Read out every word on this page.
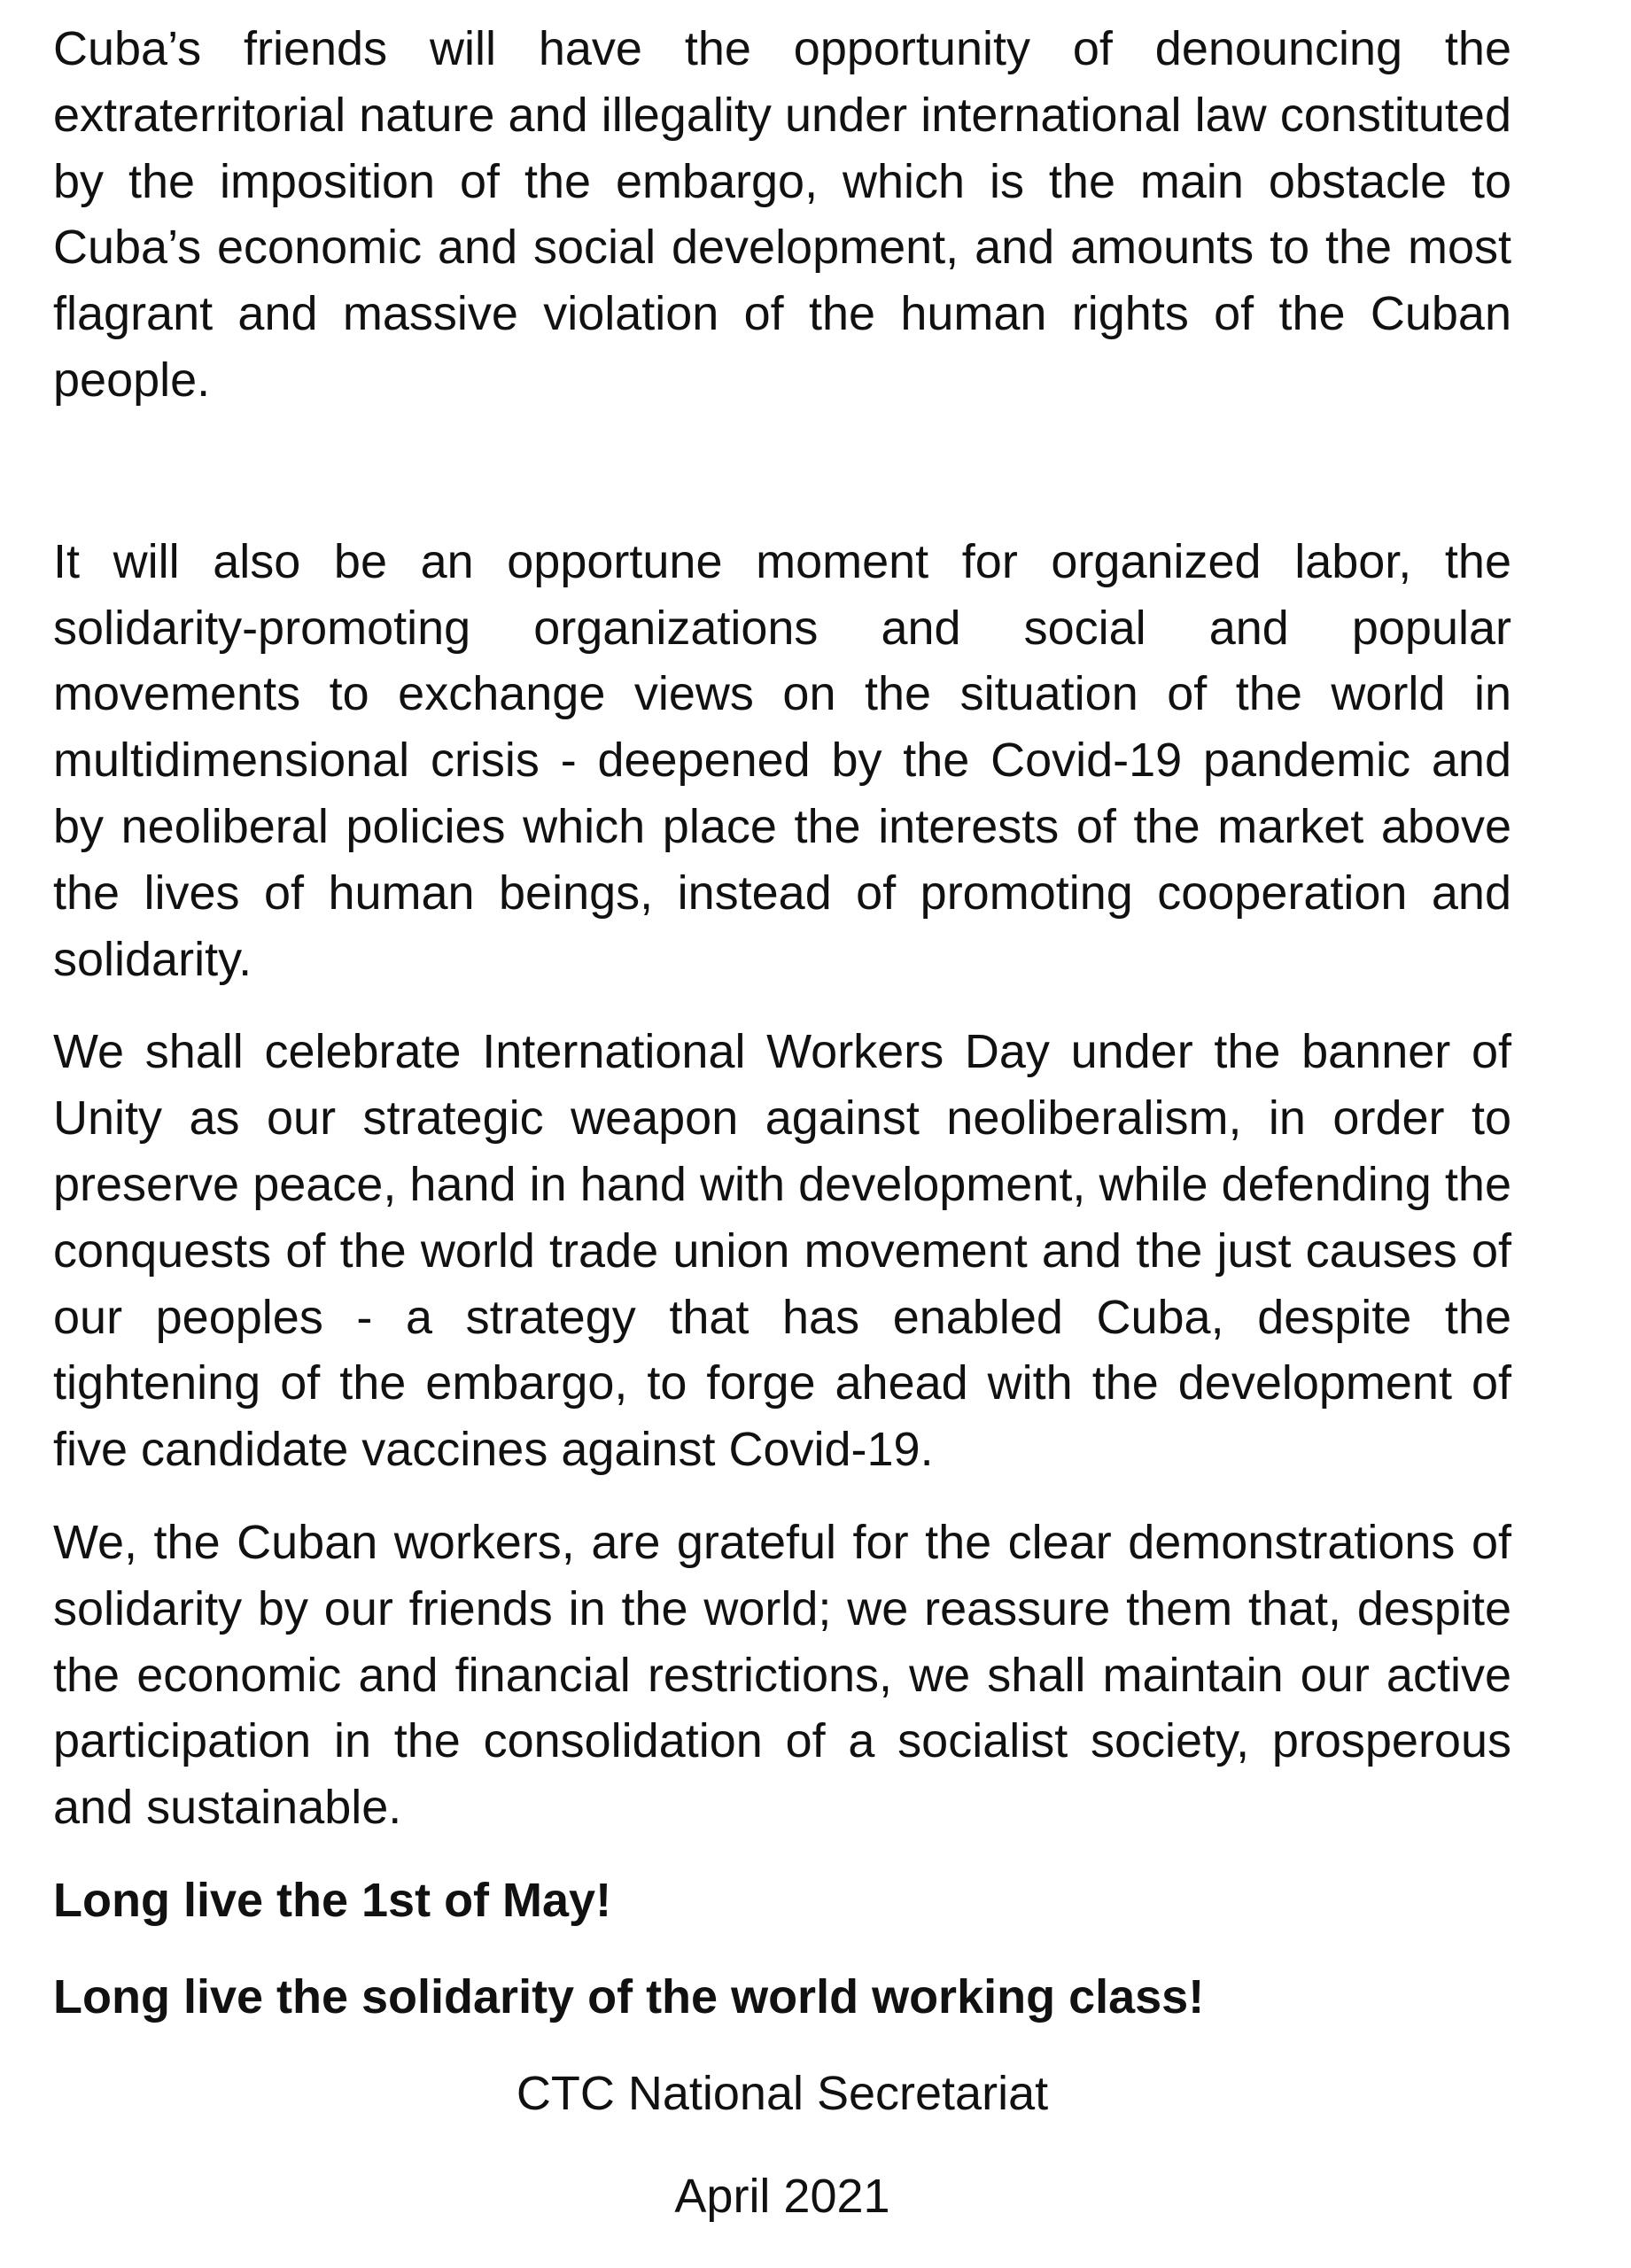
Cuba’s friends will have the opportunity of denouncing the extraterritorial nature and illegality under international law constituted by the imposition of the embargo, which is the main obstacle to Cuba’s economic and social development, and amounts to the most flagrant and massive violation of the human rights of the Cuban people.

It will also be an opportune moment for organized labor, the solidarity-promoting organizations and social and popular movements to exchange views on the situation of the world in multidimensional crisis - deepened by the Covid-19 pandemic and by neoliberal policies which place the interests of the market above the lives of human beings, instead of promoting cooperation and solidarity.

We shall celebrate International Workers Day under the banner of Unity as our strategic weapon against neoliberalism, in order to preserve peace, hand in hand with development, while defending the conquests of the world trade union movement and the just causes of our peoples - a strategy that has enabled Cuba, despite the tightening of the embargo, to forge ahead with the development of five candidate vaccines against Covid-19.

We, the Cuban workers, are grateful for the clear demonstrations of solidarity by our friends in the world; we reassure them that, despite the economic and financial restrictions, we shall maintain our active participation in the consolidation of a socialist society, prosperous and sustainable.

Long live the 1st of May!

Long live the solidarity of the world working class!

CTC National Secretariat

April 2021
